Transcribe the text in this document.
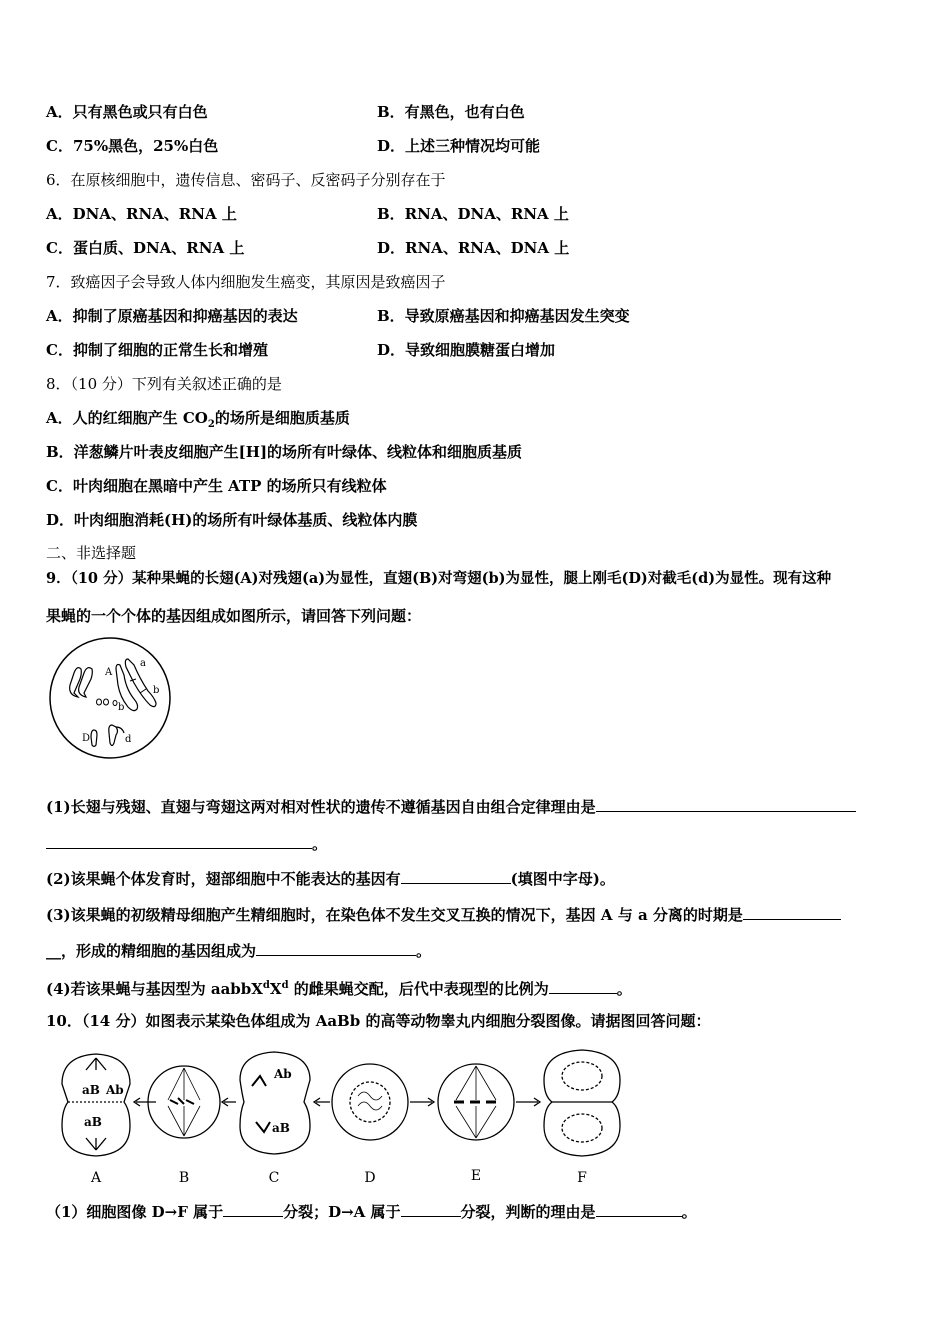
A．只有黑色或只有白色	B．有黑色，也有白色
C．75%黑色，25%白色	D．上述三种情况均可能
6．在原核细胞中，遗传信息、密码子、反密码子分别存在于
A．DNA、RNA、RNA 上	B．RNA、DNA、RNA 上
C．蛋白质、DNA、RNA 上	D．RNA、RNA、DNA 上
7．致癌因子会导致人体内细胞发生癌变，其原因是致癌因子
A．抑制了原癌基因和抑癌基因的表达	B．导致原癌基因和抑癌基因发生突变
C．抑制了细胞的正常生长和增殖	D．导致细胞膜糖蛋白增加
8．（10 分）下列有关叙述正确的是
A．人的红细胞产生 $CO_2$的场所是细胞质基质
B．洋葱鳞片叶表皮细胞产生[H]的场所有叶绿体、线粒体和细胞质基质
C．叶肉细胞在黑暗中产生 ATP 的场所只有线粒体
D．叶肉细胞消耗(H)的场所有叶绿体基质、线粒体内膜
二、非选择题
9．（10 分）某种果蝇的长翅(A)对残翅(a)为显性，直翅(B)对弯翅(b)为显性，腿上刚毛(D)对截毛(d)为显性。现有这种
果蝇的一个个体的基因组成如图所示，请回答下列问题：
A
a
b
b
D	d
(1)长翅与残翅、直翅与弯翅这两对相对性状的遗传不遵循基因自由组合定律理由是
。
(2)该果蝇个体发育时，翅部细胞中不能表达的基因有	(填图中字母)。
(3)该果蝇的初级精母细胞产生精细胞时，在染色体不发生交叉互换的情况下，基因 A 与 a 分离的时期是
__，形成的精细胞的基因组成为	。
(4)若该果蝇与基因型为 $aabbX^dX^d$ 的雌果蝇交配，后代中表现型的比例为	。
10．（14 分）如图表示某染色体组成为 AaBb 的高等动物睾丸内细胞分裂图像。请据图回答问题：
aB Ab
aB
Ab
aB
A	B	C	D	E	F
（1）细胞图像 D→F 属于	分裂；D→A 属于	分裂，判断的理由是	。
